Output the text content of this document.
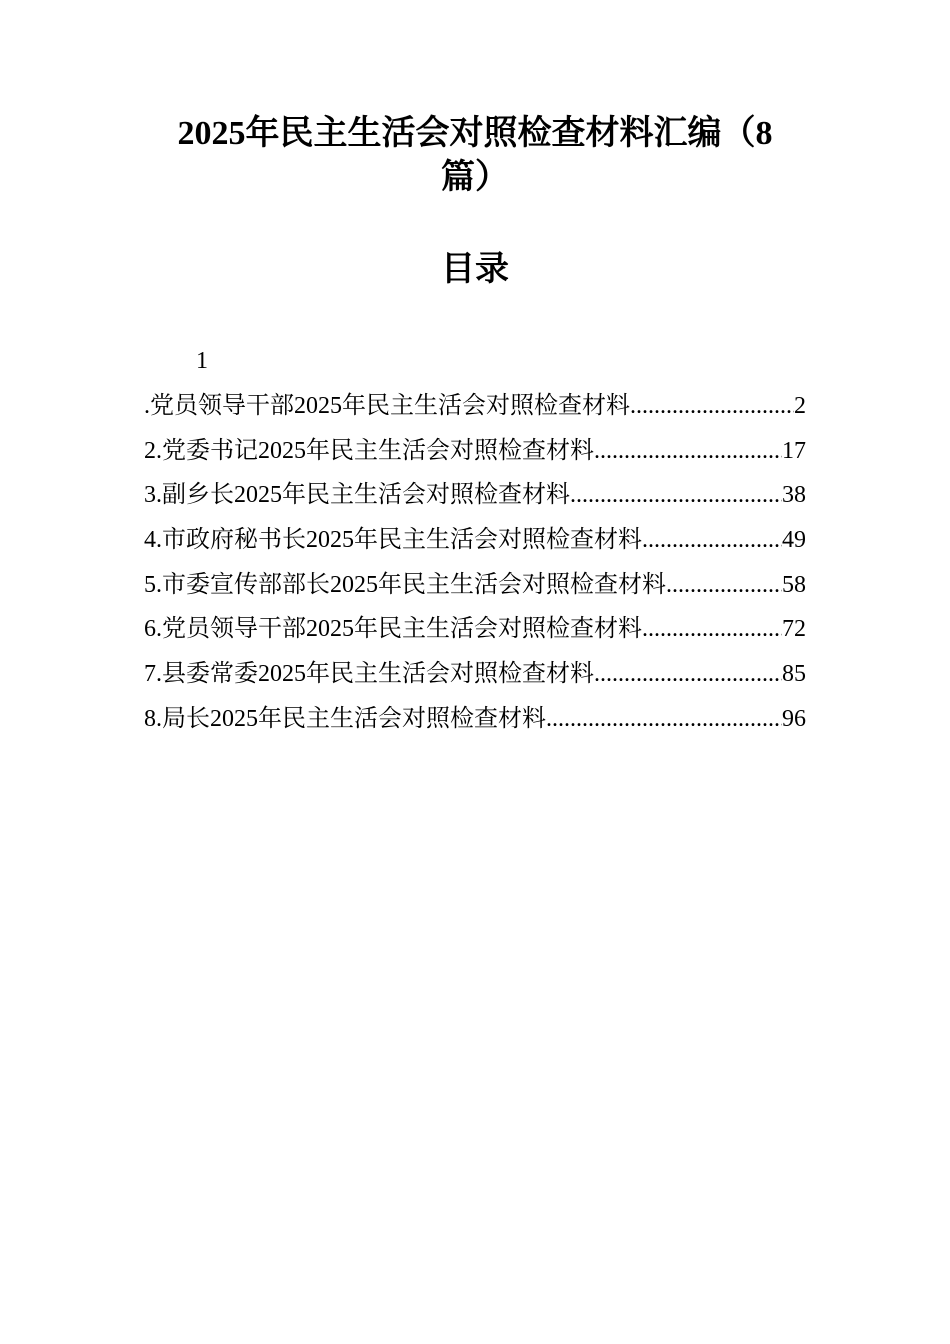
2025年民主生活会对照检查材料汇编（8
篇）
目录
1
.党员领导干部2025年民主生活会对照检查材料 .....	2
2.党委书记2025年民主生活会对照检查材料 .....	17
3.副乡长2025年民主生活会对照检查材料 .....	38
4.市政府秘书长2025年民主生活会对照检查材料 .....	49
5.市委宣传部部长2025年民主生活会对照检查材料 .....	58
6.党员领导干部2025年民主生活会对照检查材料 .....	72
7.县委常委2025年民主生活会对照检查材料 .....	85
8.局长2025年民主生活会对照检查材料 .....	96
